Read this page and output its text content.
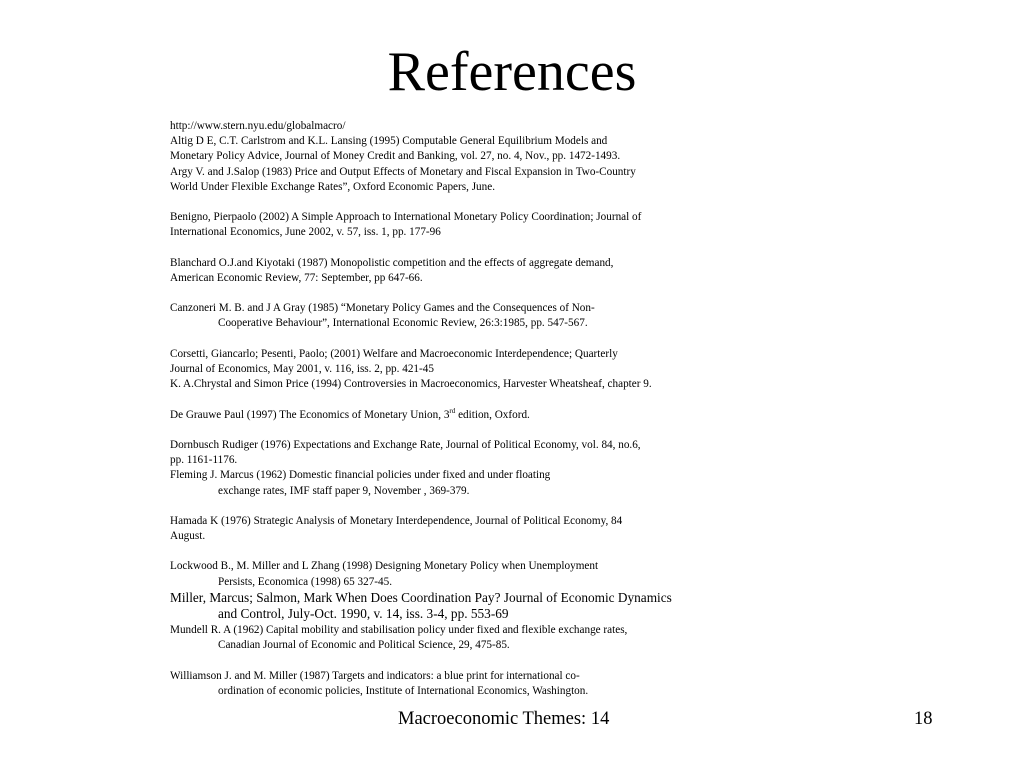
References
http://www.stern.nyu.edu/globalmacro/
Altig D E, C.T. Carlstrom and K.L. Lansing (1995) Computable General Equilibrium Models and
Monetary Policy Advice, Journal of Money Credit and Banking, vol. 27, no. 4, Nov., pp. 1472-1493.
Argy V. and J.Salop (1983) Price and Output Effects of Monetary and Fiscal Expansion in Two-Country
World Under Flexible Exchange Rates”, Oxford Economic Papers, June.
Benigno, Pierpaolo (2002) A Simple Approach to International Monetary Policy Coordination; Journal of
International Economics, June 2002, v. 57, iss. 1, pp. 177-96
Blanchard O.J.and Kiyotaki (1987) Monopolistic competition and the effects of aggregate demand,
American Economic Review, 77: September, pp 647-66.
Canzoneri M. B. and J A Gray (1985) “Monetary Policy Games and the Consequences of Non-
Cooperative Behaviour”, International Economic Review, 26:3:1985, pp. 547-567.
Corsetti, Giancarlo; Pesenti, Paolo; (2001) Welfare and Macroeconomic Interdependence; Quarterly
Journal of Economics, May 2001, v. 116, iss. 2, pp. 421-45
K. A.Chrystal and Simon Price (1994) Controversies in Macroeconomics, Harvester Wheatsheaf, chapter 9.
De Grauwe Paul (1997) The Economics of Monetary Union, 3rd edition, Oxford.
Dornbusch Rudiger (1976) Expectations and Exchange Rate, Journal of Political Economy, vol. 84, no.6,
pp. 1161-1176.
Fleming J. Marcus (1962) Domestic financial policies under fixed and under floating
exchange rates, IMF staff paper 9, November , 369-379.
Hamada K (1976) Strategic Analysis of Monetary Interdependence, Journal of Political Economy, 84
August.
Lockwood B., M. Miller and L Zhang (1998) Designing Monetary Policy when Unemployment
Persists, Economica (1998) 65 327-45.
Miller, Marcus; Salmon, Mark When Does Coordination Pay? Journal of Economic Dynamics
and Control, July-Oct. 1990, v. 14, iss. 3-4, pp. 553-69
Mundell R. A (1962) Capital mobility and stabilisation policy under fixed and flexible exchange rates,
Canadian Journal of Economic and Political Science, 29, 475-85.
Williamson J. and M. Miller (1987) Targets and indicators: a blue print for international co-
ordination of economic policies, Institute of International Economics, Washington.
Macroeconomic Themes: 14	18
